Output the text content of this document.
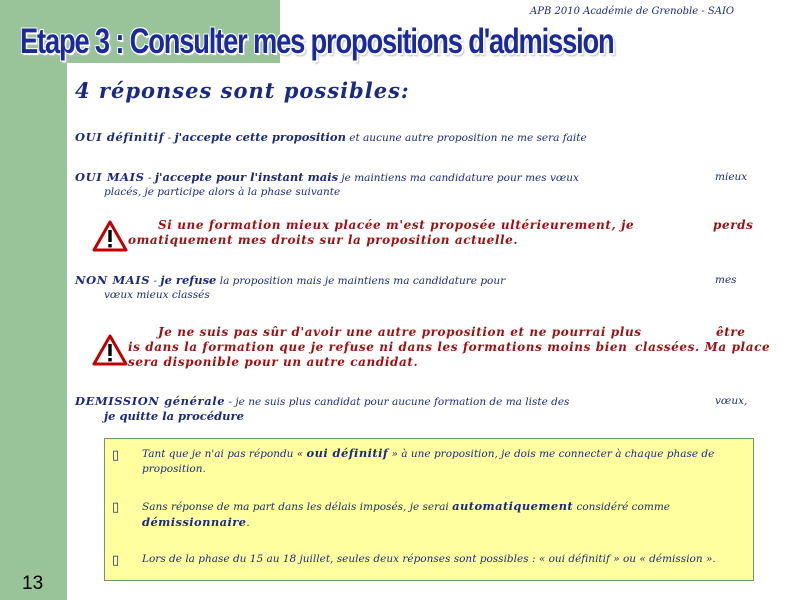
13
APB 2010 Académie de Grenoble - SAIO
Etape 3 : Consulter mes propositions d'admission
4 réponses sont possibles:
OUI définitif - j'accepte cette proposition et aucune autre proposition ne me sera faite
OUI MAIS - j'accepte pour l'instant mais je maintiens ma candidature pour mes vœux	mieux
placés, je participe alors à la phase suivante
Si une formation mieux placée m'est proposée ultérieurement, je	perds
omatiquement mes droits sur la proposition actuelle.
NON MAIS - je refuse la proposition mais je maintiens ma candidature pour	mes
vœux mieux classés
Je ne suis pas sûr d'avoir une autre proposition et ne pourrai plus	être
is dans la formation que je refuse ni dans les formations moins bien classées. Ma place
sera disponible pour un autre candidat.
DEMISSION générale - je ne suis plus candidat pour aucune formation de ma liste des	vœux,
je quitte la procédure
▯ Tant que je n'ai pas répondu « oui définitif » à une proposition, je dois me connecter à chaque phase de proposition.
▯ Sans réponse de ma part dans les délais imposés, je serai automatiquement considéré comme démissionnaire.
▯ Lors de la phase du 15 au 18 juillet, seules deux réponses sont possibles : « oui définitif » ou « démission ».
